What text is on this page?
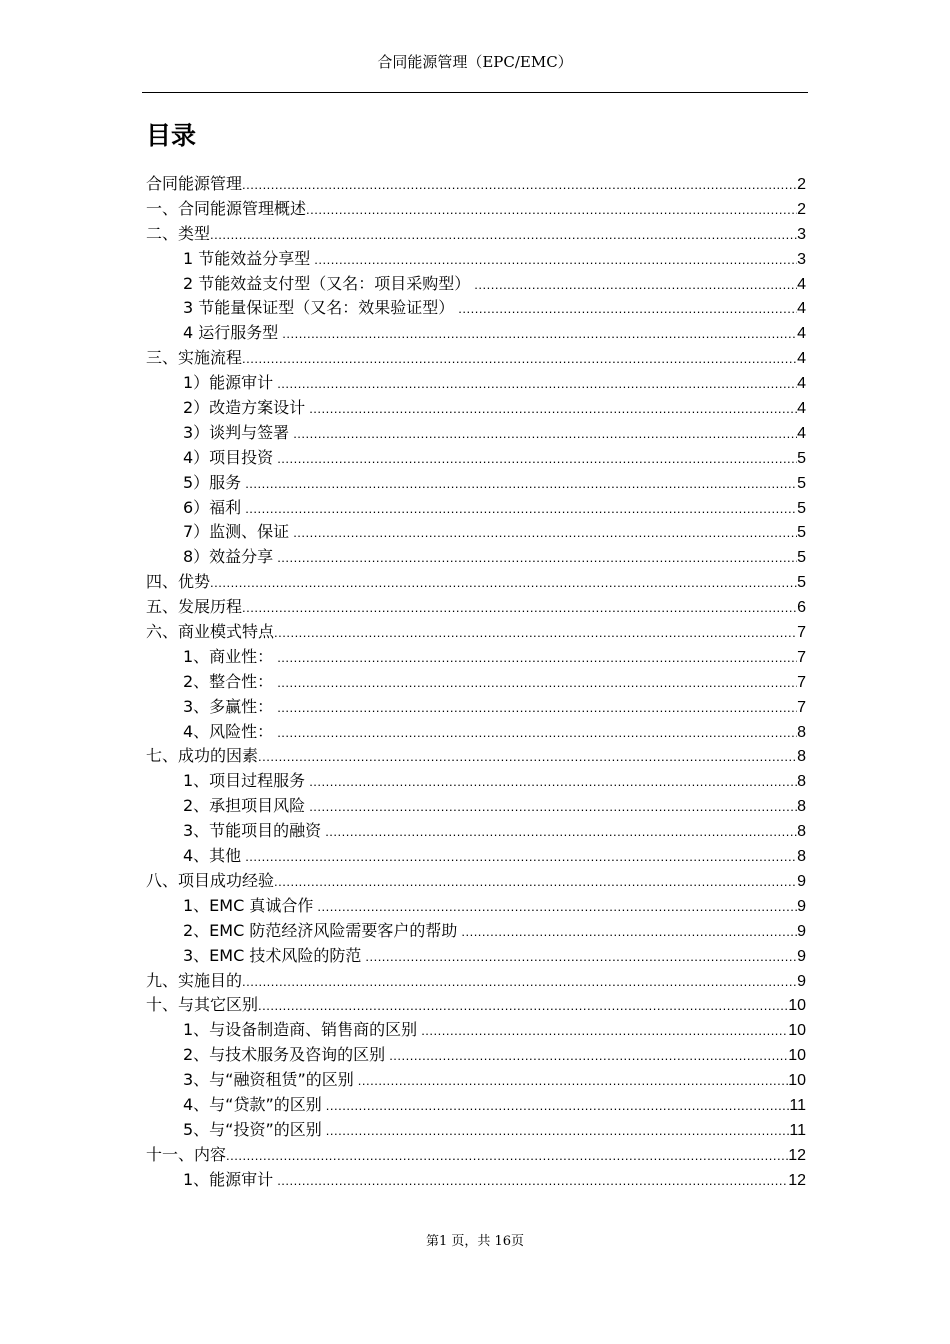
合同能源管理（EPC/EMC）
目录
合同能源管理 .....	2
一、合同能源管理概述 .....	2
二、类型 .....	3
1 节能效益分享型 .....	3
2 节能效益支付型（又名：项目采购型） .....	4
3 节能量保证型（又名：效果验证型） .....	4
4 运行服务型 .....	4
三、实施流程 .....	4
1）能源审计 .....	4
2）改造方案设计 .....	4
3）谈判与签署 .....	4
4）项目投资 .....	5
5）服务 .....	5
6）福利 .....	5
7）监测、保证 .....	5
8）效益分享 .....	5
四、优势 .....	5
五、发展历程 .....	6
六、商业模式特点 .....	7
1、商业性： .....	7
2、整合性： .....	7
3、多赢性： .....	7
4、风险性： .....	8
七、成功的因素 .....	8
1、项目过程服务 .....	8
2、承担项目风险 .....	8
3、节能项目的融资 .....	8
4、其他 .....	8
八、项目成功经验 .....	9
1、EMC 真诚合作 .....	9
2、EMC 防范经济风险需要客户的帮助 .....	9
3、EMC 技术风险的防范 .....	9
九、实施目的 .....	9
十、与其它区别 .....	10
1、与设备制造商、销售商的区别 .....	10
2、与技术服务及咨询的区别 .....	10
3、与“融资租赁”的区别 .....	10
4、与“贷款”的区别 .....	11
5、与“投资”的区别 .....	11
十一、内容 .....	12
1、能源审计 .....	12
第1 页，共 16页
